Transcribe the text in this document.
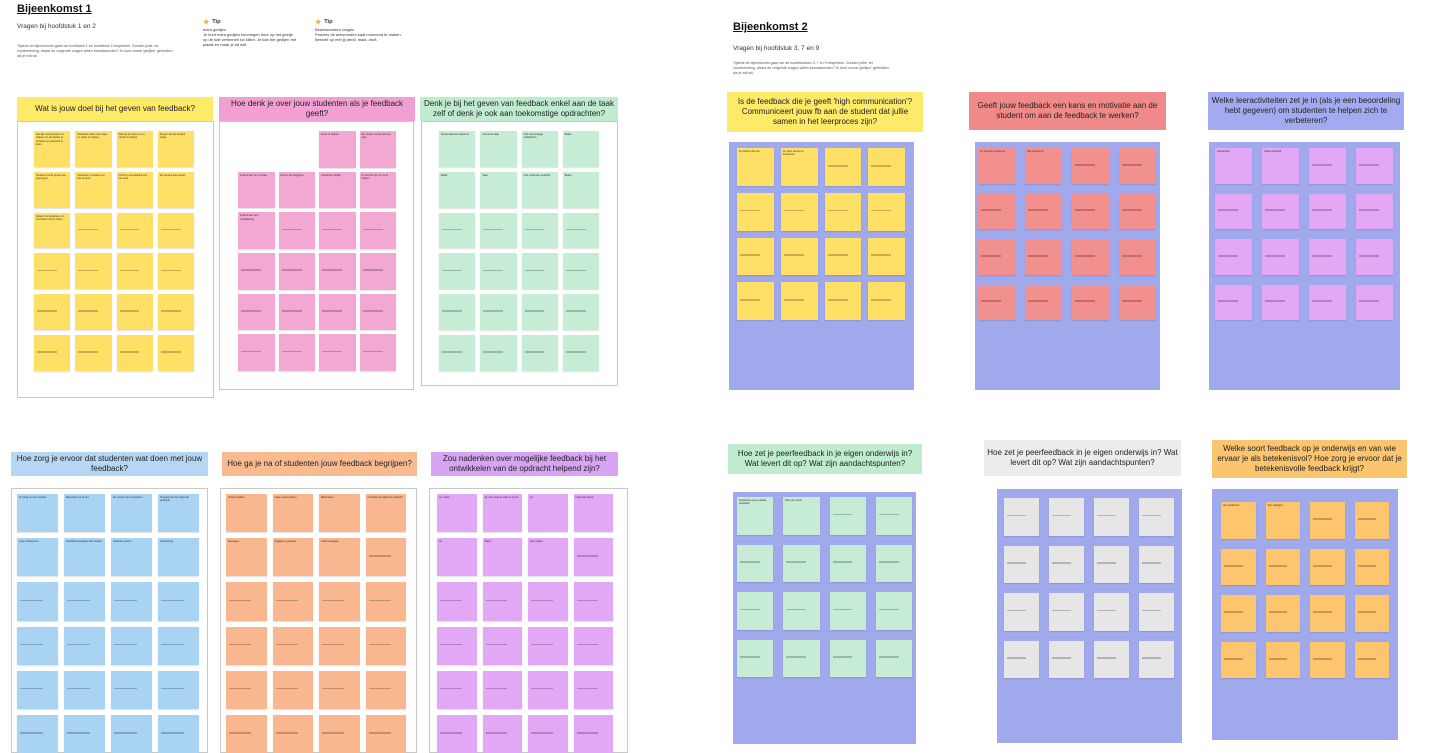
Bijeenkomst 1
Vragen bij hoofdstuk 1 en 2
Tijdens de bijeenkomst gaan we hoofdstuk 1 en hoofdstuk 2 bespreken. Zouden jullie, ter voorbereiding, alvast de volgende vragen willen beantwoorden? Je kunt vooral 'gedijen' gebruiken als je wilt wil.
★ Tip
extra gedijen
Je kunt extra gedijen toevoegen door op het geelje op de kolt verbinnen tot killen. Je kan het gedijen het plaats en maar je dit wilt.
★ Tip
Beantwoorden vragen
Probeer de antwoorden kaal mounend te maken. Beknelf op met jij derdi, maal, drofi.
Bijeenkomst 2
Vragen bij hoofdstuk 3, 7 en 9
Tijdens de bijeenkomst gaan we de hoofdstukken 3, 7 en 9 bespreken. Zouden jullie, ter voorbereiding, alvast de volgende vragen willen beantwoorden? Je kunt vooral 'gedijen' gebruiken als je wilt wil.
Wat is jouw doel bij het geven van feedback?
Hoe denk je over jouw studenten als je feedback geeft?
Denk je bij het geven van feedback enkel aan de taak zelf of denk je ook aan toekomstige opdrachten?
Hoe zorg je ervoor dat studenten wat doen met jouw feedback?
Hoe ga je na of studenten jouw feedback begrijpen?
Zou nadenken over mogelijke feedback bij het ontwikkelen van de opdracht helpend zijn?
Is de feedback die je geeft 'high communication'? Communiceert jouw fb aan de student dat jullie samen in het leerproces zijn?
Geeft jouw feedback een kans en motivatie aan de student om aan de feedback te werken?
Welke leeractiviteiten zet je in (als je een beoordeling hebt gegeven) om studenten te helpen zich te verbeteren?
Hoe zet je peerfeedback in je eigen onderwijs in? Wat levert dit op? Wat zijn aandachtspunten?
Hoe zet je peerfeedback in je eigen onderwijs in? Wat levert dit op? Wat zijn aandachtspunten?
Welke soort feedback op je onderwijs en van wie ervaar je als betekenisvol? Hoe zorg je ervoor dat je betekenisvolle feedback krijgt?
Het lijkt vooral sturen en helpen om de doelen te bereiken en passend te leren
Studenten laten zien waar ze staan en helpen
Wat het jou kost om zo verder te helpen
Zorgen dat de student snapt
Student inzicht geven wat goed gaat
Studenten motiveren en iets te leren
Inzicht in de kwaliteit van het werk
De student kan verder
Helpen de studenten om het beste eruit te halen
Ik wil ze helpen	Ze moeten ermee aan de slag
Ik denk aan hun niveau	Dat ze het begrijpen	Positief en eerlijk	Ik vind het fijn om ze te helpen
Ik denk aan hun ontwikkeling
Zowel taak als toekomst	Vooral de taak	Ook toekomstige opdrachten
Beide
Beide	Taak	Ook volgende opdracht	Beide
Ik vraag om een reactie	Bespreken in de les	Ze moeten het verwerken	Terugkomen bij volgende opdracht
Laten reflecteren	Feedback koppelen aan doelen	Gesprek voeren	Herkansing
Vragen stellen	Laten samenvatten	Bespreken	Controle bij volgende opdracht
Navragen	Nagaan in gesprek	Laten uitleggen
Ja, zeker	Ja, dan weet je waar je op let	Ja	Helpt bij criteria
Ja	Zeker	Kan helpen
Ik probeer dat wel	Ja, door samen te bespreken
Ja, als het concreet is	Dat probeer ik	Herkansing	Oefenopdracht
Studenten geven elkaar feedback
Met een rubric
Van studenten	Van collega's
